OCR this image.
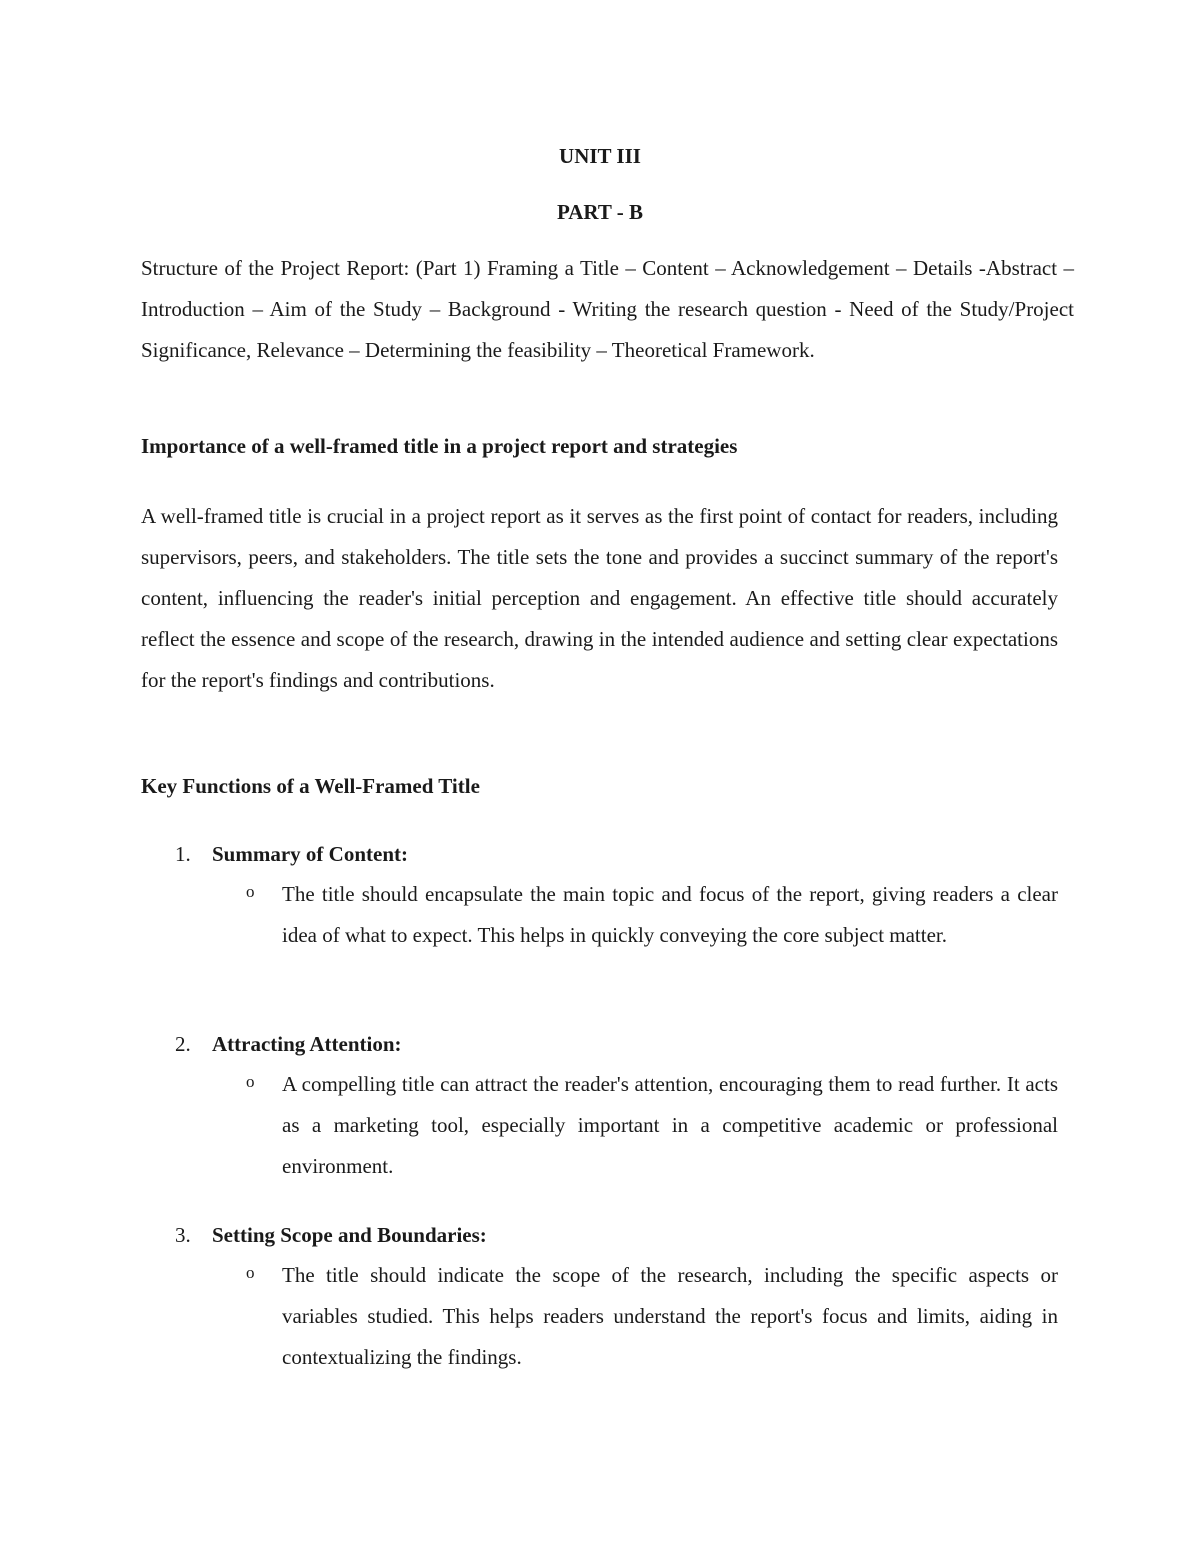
UNIT III
PART - B
Structure of the Project Report: (Part 1) Framing a Title – Content – Acknowledgement – Details -Abstract – Introduction – Aim of the Study – Background - Writing the research question - Need of the Study/Project Significance, Relevance – Determining the feasibility – Theoretical Framework.
Importance of a well-framed title in a project report and strategies
A well-framed title is crucial in a project report as it serves as the first point of contact for readers, including supervisors, peers, and stakeholders. The title sets the tone and provides a succinct summary of the report's content, influencing the reader's initial perception and engagement. An effective title should accurately reflect the essence and scope of the research, drawing in the intended audience and setting clear expectations for the report's findings and contributions.
Key Functions of a Well-Framed Title
1. Summary of Content:
o The title should encapsulate the main topic and focus of the report, giving readers a clear idea of what to expect. This helps in quickly conveying the core subject matter.
2. Attracting Attention:
o A compelling title can attract the reader's attention, encouraging them to read further. It acts as a marketing tool, especially important in a competitive academic or professional environment.
3. Setting Scope and Boundaries:
o The title should indicate the scope of the research, including the specific aspects or variables studied. This helps readers understand the report's focus and limits, aiding in contextualizing the findings.
